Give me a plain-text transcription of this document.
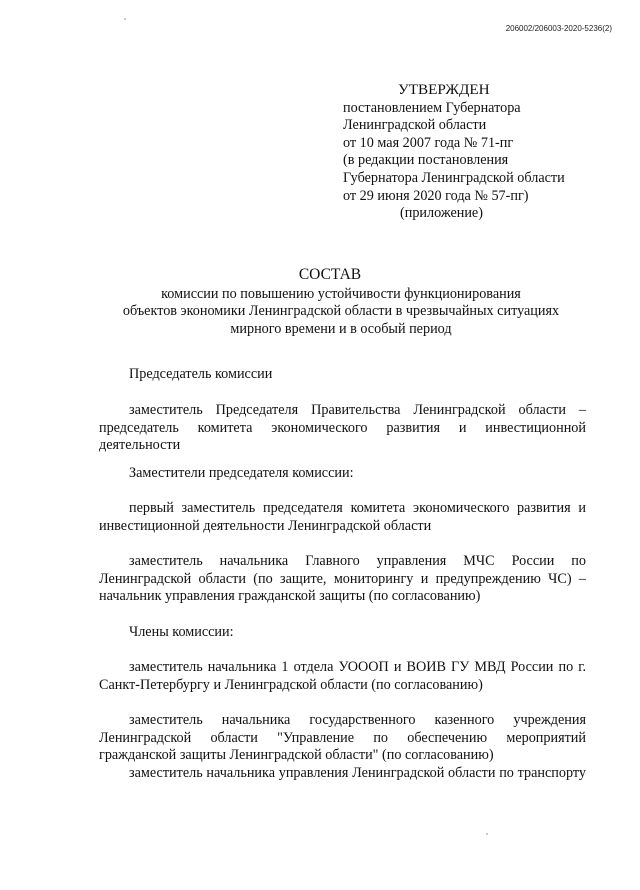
206002/206003-2020-5236(2)
УТВЕРЖДЕН
постановлением Губернатора
Ленинградской области
от 10 мая 2007 года № 71-пг
(в редакции постановления
Губернатора Ленинградской области
от 29 июня 2020 года № 57-пг)
(приложение)
СОСТАВ
комиссии по повышению устойчивости функционирования
объектов экономики Ленинградской области в чрезвычайных ситуациях
мирного времени и в особый период

Председатель комиссии

заместитель Председателя Правительства Ленинградской области – председатель комитета экономического развития и инвестиционной деятельности

Заместители председателя комиссии:

первый заместитель председателя комитета экономического развития и инвестиционной деятельности Ленинградской области

заместитель начальника Главного управления МЧС России по Ленинградской области (по защите, мониторингу и предупреждению ЧС) – начальник управления гражданской защиты (по согласованию)

Члены комиссии:

заместитель начальника 1 отдела УОООП и ВОИВ ГУ МВД России по г. Санкт-Петербургу и Ленинградской области (по согласованию)

заместитель начальника государственного казенного учреждения Ленинградской области "Управление по обеспечению мероприятий гражданской защиты Ленинградской области" (по согласованию)

заместитель начальника управления Ленинградской области по транспорту
